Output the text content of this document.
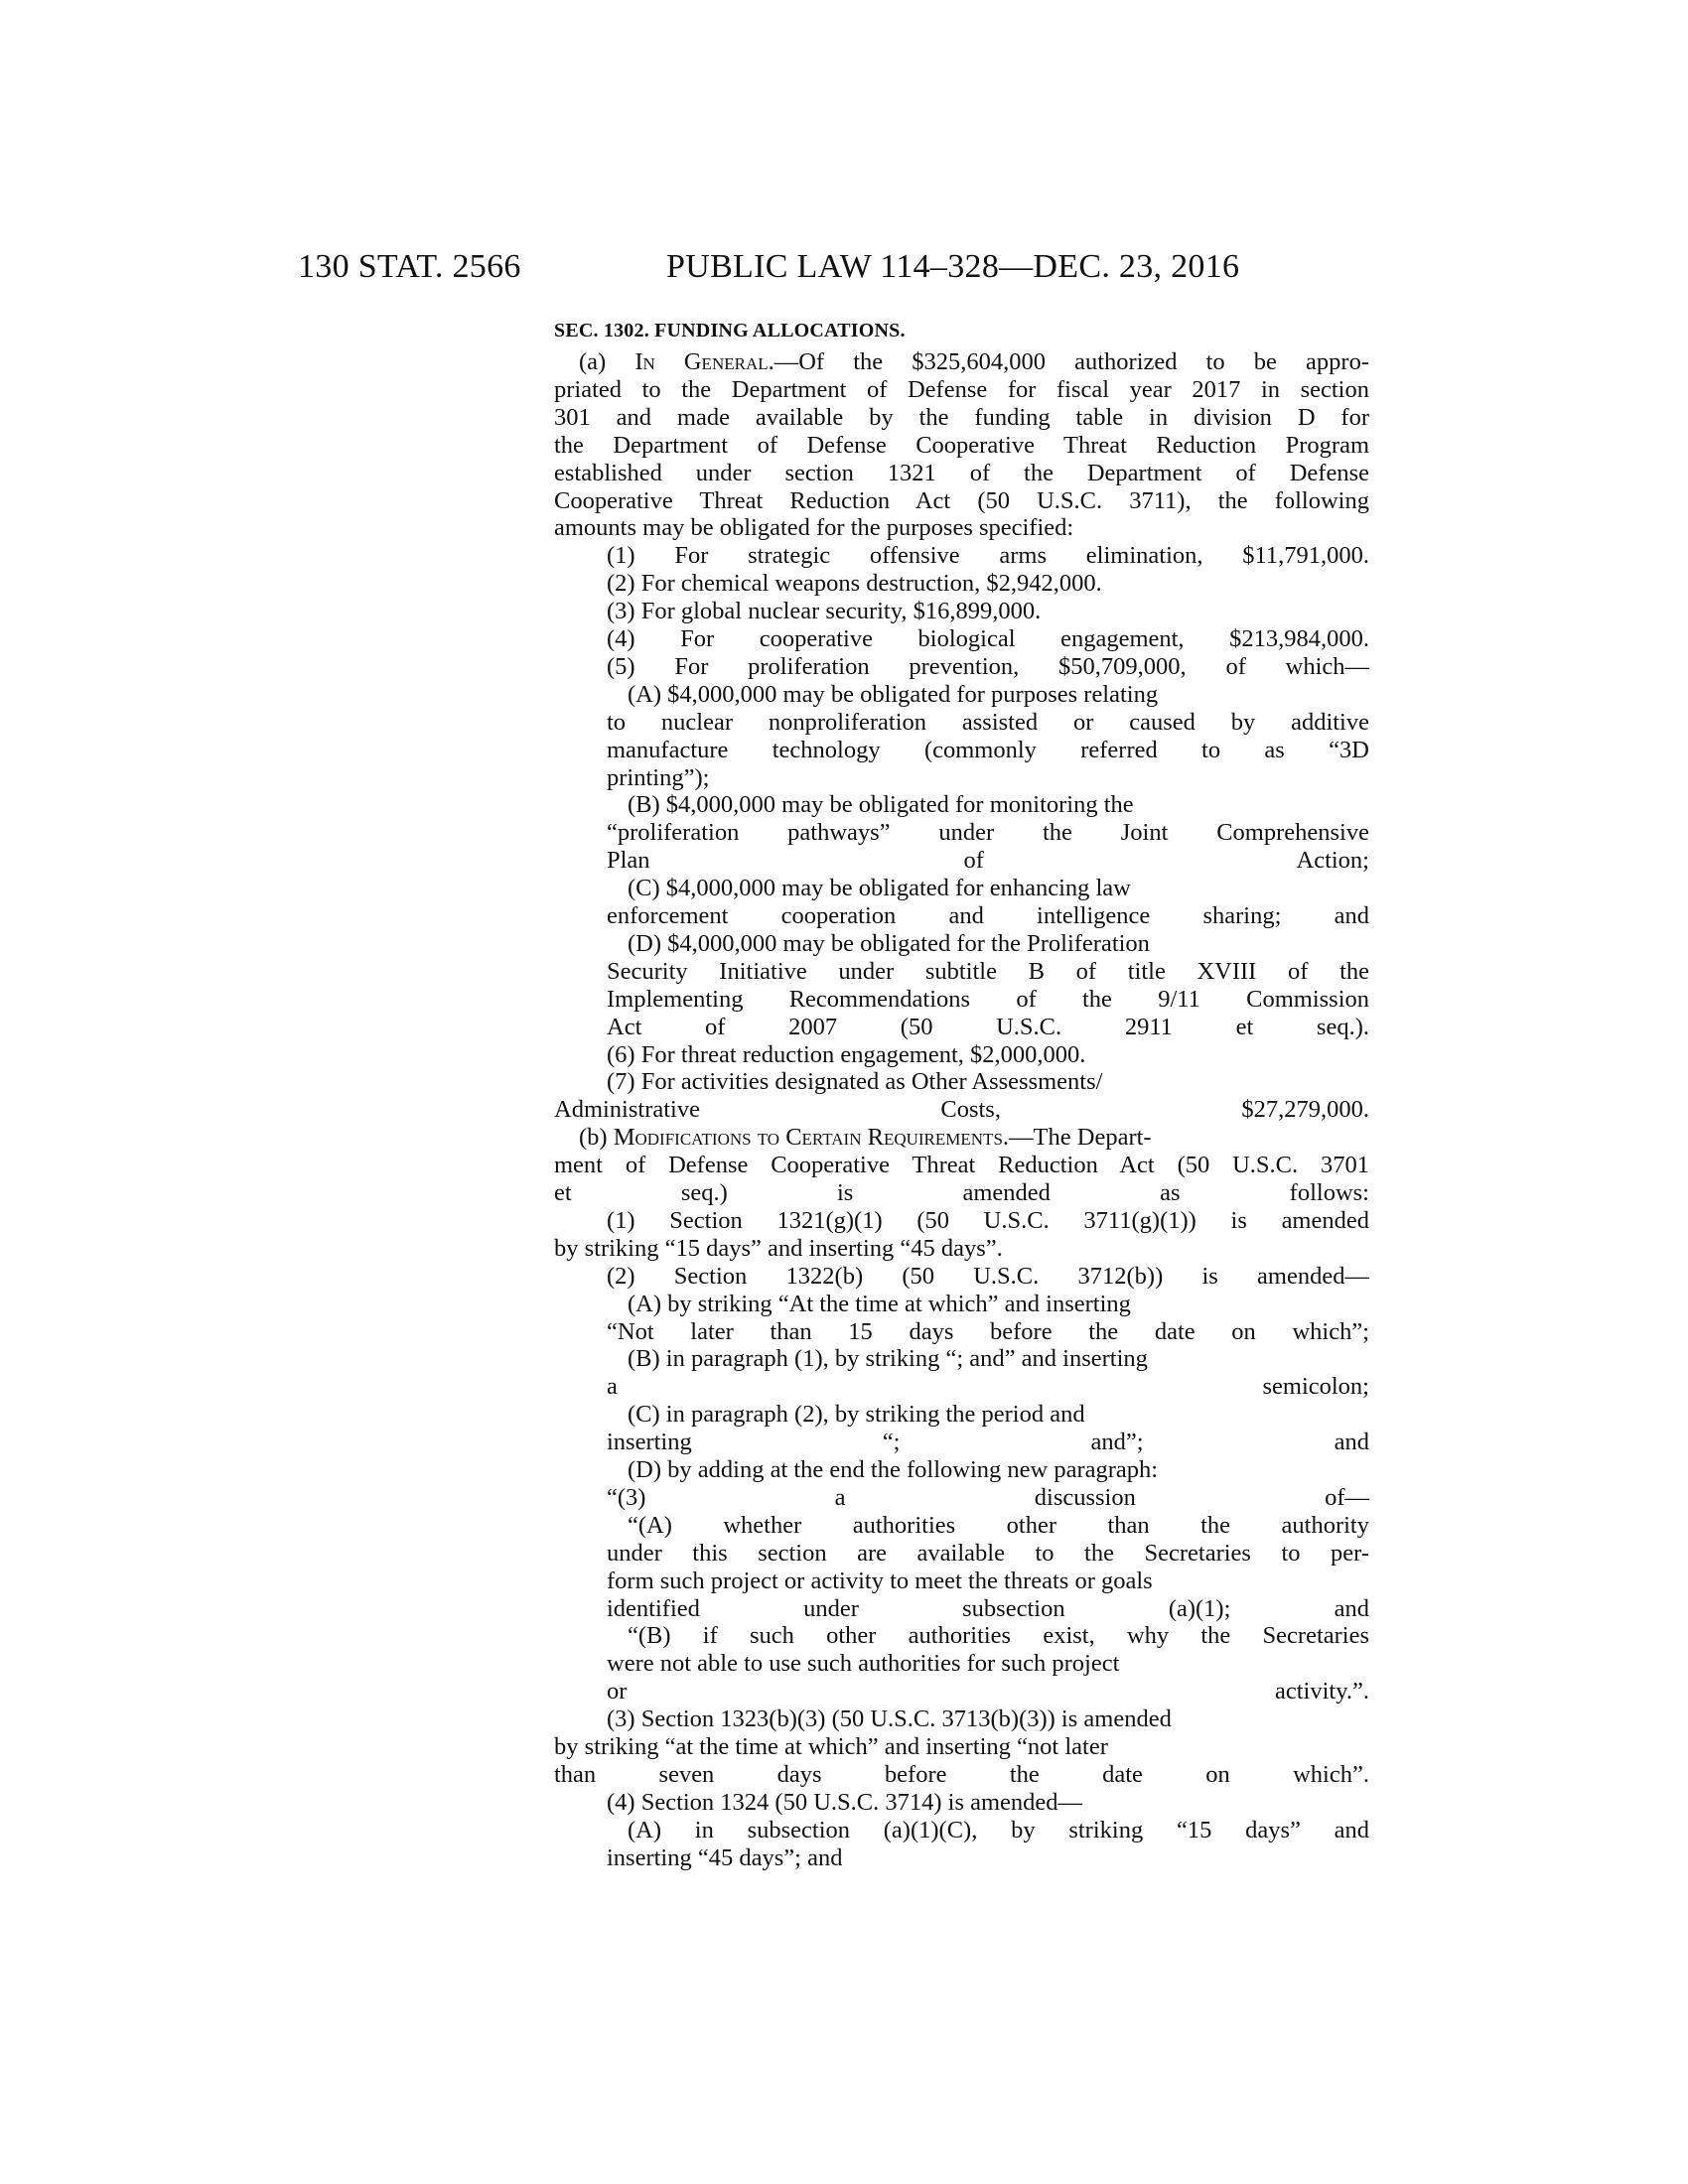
130 STAT. 2566	PUBLIC LAW 114–328—DEC. 23, 2016
SEC. 1302. FUNDING ALLOCATIONS.
(a) In General.—Of the $325,604,000 authorized to be appro-
priated to the Department of Defense for fiscal year 2017 in section
301 and made available by the funding table in division D for
the Department of Defense Cooperative Threat Reduction Program
established under section 1321 of the Department of Defense
Cooperative Threat Reduction Act (50 U.S.C. 3711), the following
amounts may be obligated for the purposes specified:
(1) For strategic offensive arms elimination, $11,791,000.
(2) For chemical weapons destruction, $2,942,000.
(3) For global nuclear security, $16,899,000.
(4) For cooperative biological engagement, $213,984,000.
(5) For proliferation prevention, $50,709,000, of which—
(A) $4,000,000 may be obligated for purposes relating
to nuclear nonproliferation assisted or caused by additive
manufacture technology (commonly referred to as “3D
printing”);
(B) $4,000,000 may be obligated for monitoring the
“proliferation pathways” under the Joint Comprehensive
Plan of Action;
(C) $4,000,000 may be obligated for enhancing law
enforcement cooperation and intelligence sharing; and
(D) $4,000,000 may be obligated for the Proliferation
Security Initiative under subtitle B of title XVIII of the
Implementing Recommendations of the 9/11 Commission
Act of 2007 (50 U.S.C. 2911 et seq.).
(6) For threat reduction engagement, $2,000,000.
(7) For activities designated as Other Assessments/
Administrative Costs, $27,279,000.
(b) Modifications to Certain Requirements.—The Depart-
ment of Defense Cooperative Threat Reduction Act (50 U.S.C. 3701
et seq.) is amended as follows:
(1) Section 1321(g)(1) (50 U.S.C. 3711(g)(1)) is amended
by striking “15 days” and inserting “45 days”.
(2) Section 1322(b) (50 U.S.C. 3712(b)) is amended—
(A) by striking “At the time at which” and inserting
“Not later than 15 days before the date on which”;
(B) in paragraph (1), by striking “; and” and inserting
a semicolon;
(C) in paragraph (2), by striking the period and
inserting “; and”; and
(D) by adding at the end the following new paragraph:
“(3) a discussion of—
“(A) whether authorities other than the authority
under this section are available to the Secretaries to per-
form such project or activity to meet the threats or goals
identified under subsection (a)(1); and
“(B) if such other authorities exist, why the Secretaries
were not able to use such authorities for such project
or activity.”.
(3) Section 1323(b)(3) (50 U.S.C. 3713(b)(3)) is amended
by striking “at the time at which” and inserting “not later
than seven days before the date on which”.
(4) Section 1324 (50 U.S.C. 3714) is amended—
(A) in subsection (a)(1)(C), by striking “15 days” and
inserting “45 days”; and
